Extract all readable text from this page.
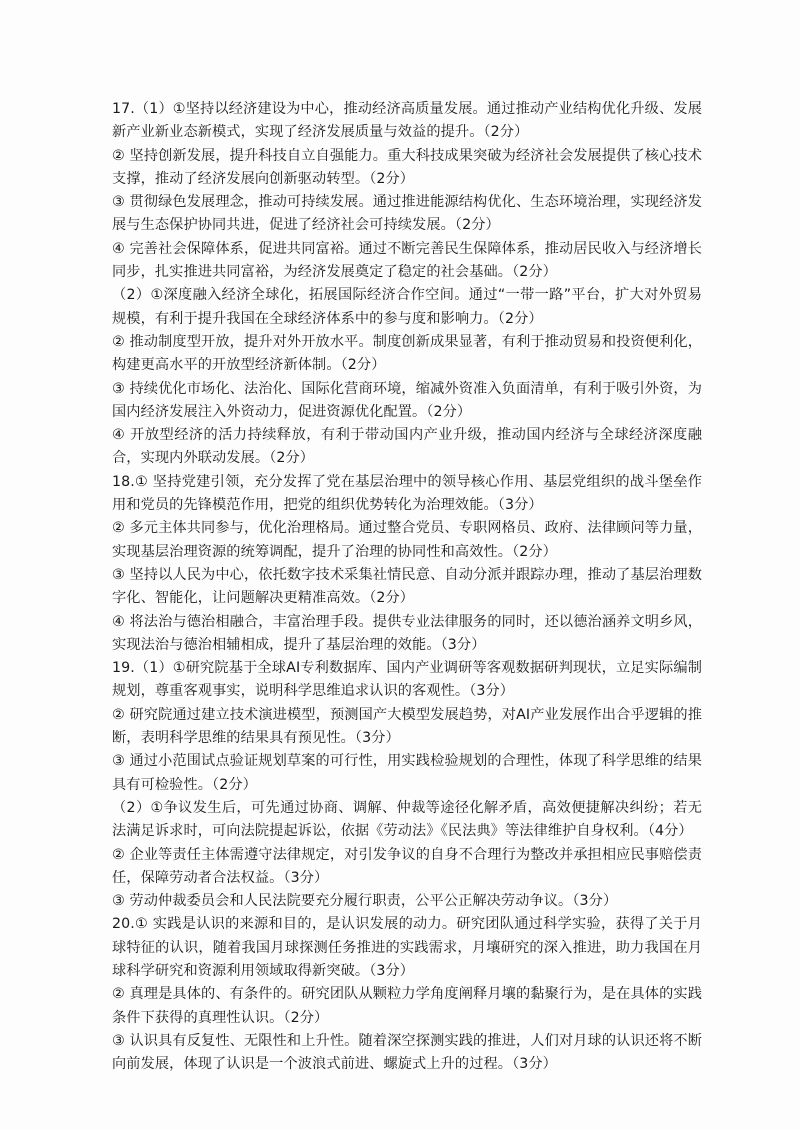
17.（1）①坚持以经济建设为中心，推动经济高质量发展。通过推动产业结构优化升级、发展新产业新业态新模式，实现了经济发展质量与效益的提升。（2分）

② 坚持创新发展，提升科技自立自强能力。重大科技成果突破为经济社会发展提供了核心技术支撑，推动了经济发展向创新驱动转型。（2分）

③ 贯彻绿色发展理念，推动可持续发展。通过推进能源结构优化、生态环境治理，实现经济发展与生态保护协同共进，促进了经济社会可持续发展。（2分）

④ 完善社会保障体系，促进共同富裕。通过不断完善民生保障体系，推动居民收入与经济增长同步，扎实推进共同富裕，为经济发展奠定了稳定的社会基础。（2分）

（2）①深度融入经济全球化，拓展国际经济合作空间。通过“一带一路”平台，扩大对外贸易规模，有利于提升我国在全球经济体系中的参与度和影响力。（2分）

② 推动制度型开放，提升对外开放水平。制度创新成果显著，有利于推动贸易和投资便利化，构建更高水平的开放型经济新体制。（2分）

③ 持续优化市场化、法治化、国际化营商环境，缩减外资准入负面清单，有利于吸引外资，为国内经济发展注入外资动力，促进资源优化配置。（2分）

④ 开放型经济的活力持续释放，有利于带动国内产业升级，推动国内经济与全球经济深度融合，实现内外联动发展。（2分）

18.① 坚持党建引领，充分发挥了党在基层治理中的领导核心作用、基层党组织的战斗堡垒作用和党员的先锋模范作用，把党的组织优势转化为治理效能。（3分）

② 多元主体共同参与，优化治理格局。通过整合党员、专职网格员、政府、法律顾问等力量，实现基层治理资源的统筹调配，提升了治理的协同性和高效性。（2分）

③ 坚持以人民为中心，依托数字技术采集社情民意、自动分派并跟踪办理，推动了基层治理数字化、智能化，让问题解决更精准高效。（2分）

④ 将法治与德治相融合，丰富治理手段。提供专业法律服务的同时，还以德治涵养文明乡风，实现法治与德治相辅相成，提升了基层治理的效能。（3分）

19.（1）①研究院基于全球AI专利数据库、国内产业调研等客观数据研判现状，立足实际编制规划，尊重客观事实，说明科学思维追求认识的客观性。（3分）

② 研究院通过建立技术演进模型，预测国产大模型发展趋势，对AI产业发展作出合乎逻辑的推断，表明科学思维的结果具有预见性。（3分）

③ 通过小范围试点验证规划草案的可行性，用实践检验规划的合理性，体现了科学思维的结果具有可检验性。（2分）

（2）①争议发生后，可先通过协商、调解、仲裁等途径化解矛盾，高效便捷解决纠纷；若无法满足诉求时，可向法院提起诉讼，依据《劳动法》《民法典》等法律维护自身权利。（4分）

② 企业等责任主体需遵守法律规定，对引发争议的自身不合理行为整改并承担相应民事赔偿责任，保障劳动者合法权益。（3分）

③ 劳动仲裁委员会和人民法院要充分履行职责，公平公正解决劳动争议。（3分）

20.① 实践是认识的来源和目的，是认识发展的动力。研究团队通过科学实验，获得了关于月球特征的认识，随着我国月球探测任务推进的实践需求，月壤研究的深入推进，助力我国在月球科学研究和资源利用领域取得新突破。（3分）

② 真理是具体的、有条件的。研究团队从颗粒力学角度阐释月壤的黏聚行为，是在具体的实践条件下获得的真理性认识。（2分）

③ 认识具有反复性、无限性和上升性。随着深空探测实践的推进，人们对月球的认识还将不断向前发展，体现了认识是一个波浪式前进、螺旋式上升的过程。（3分）
